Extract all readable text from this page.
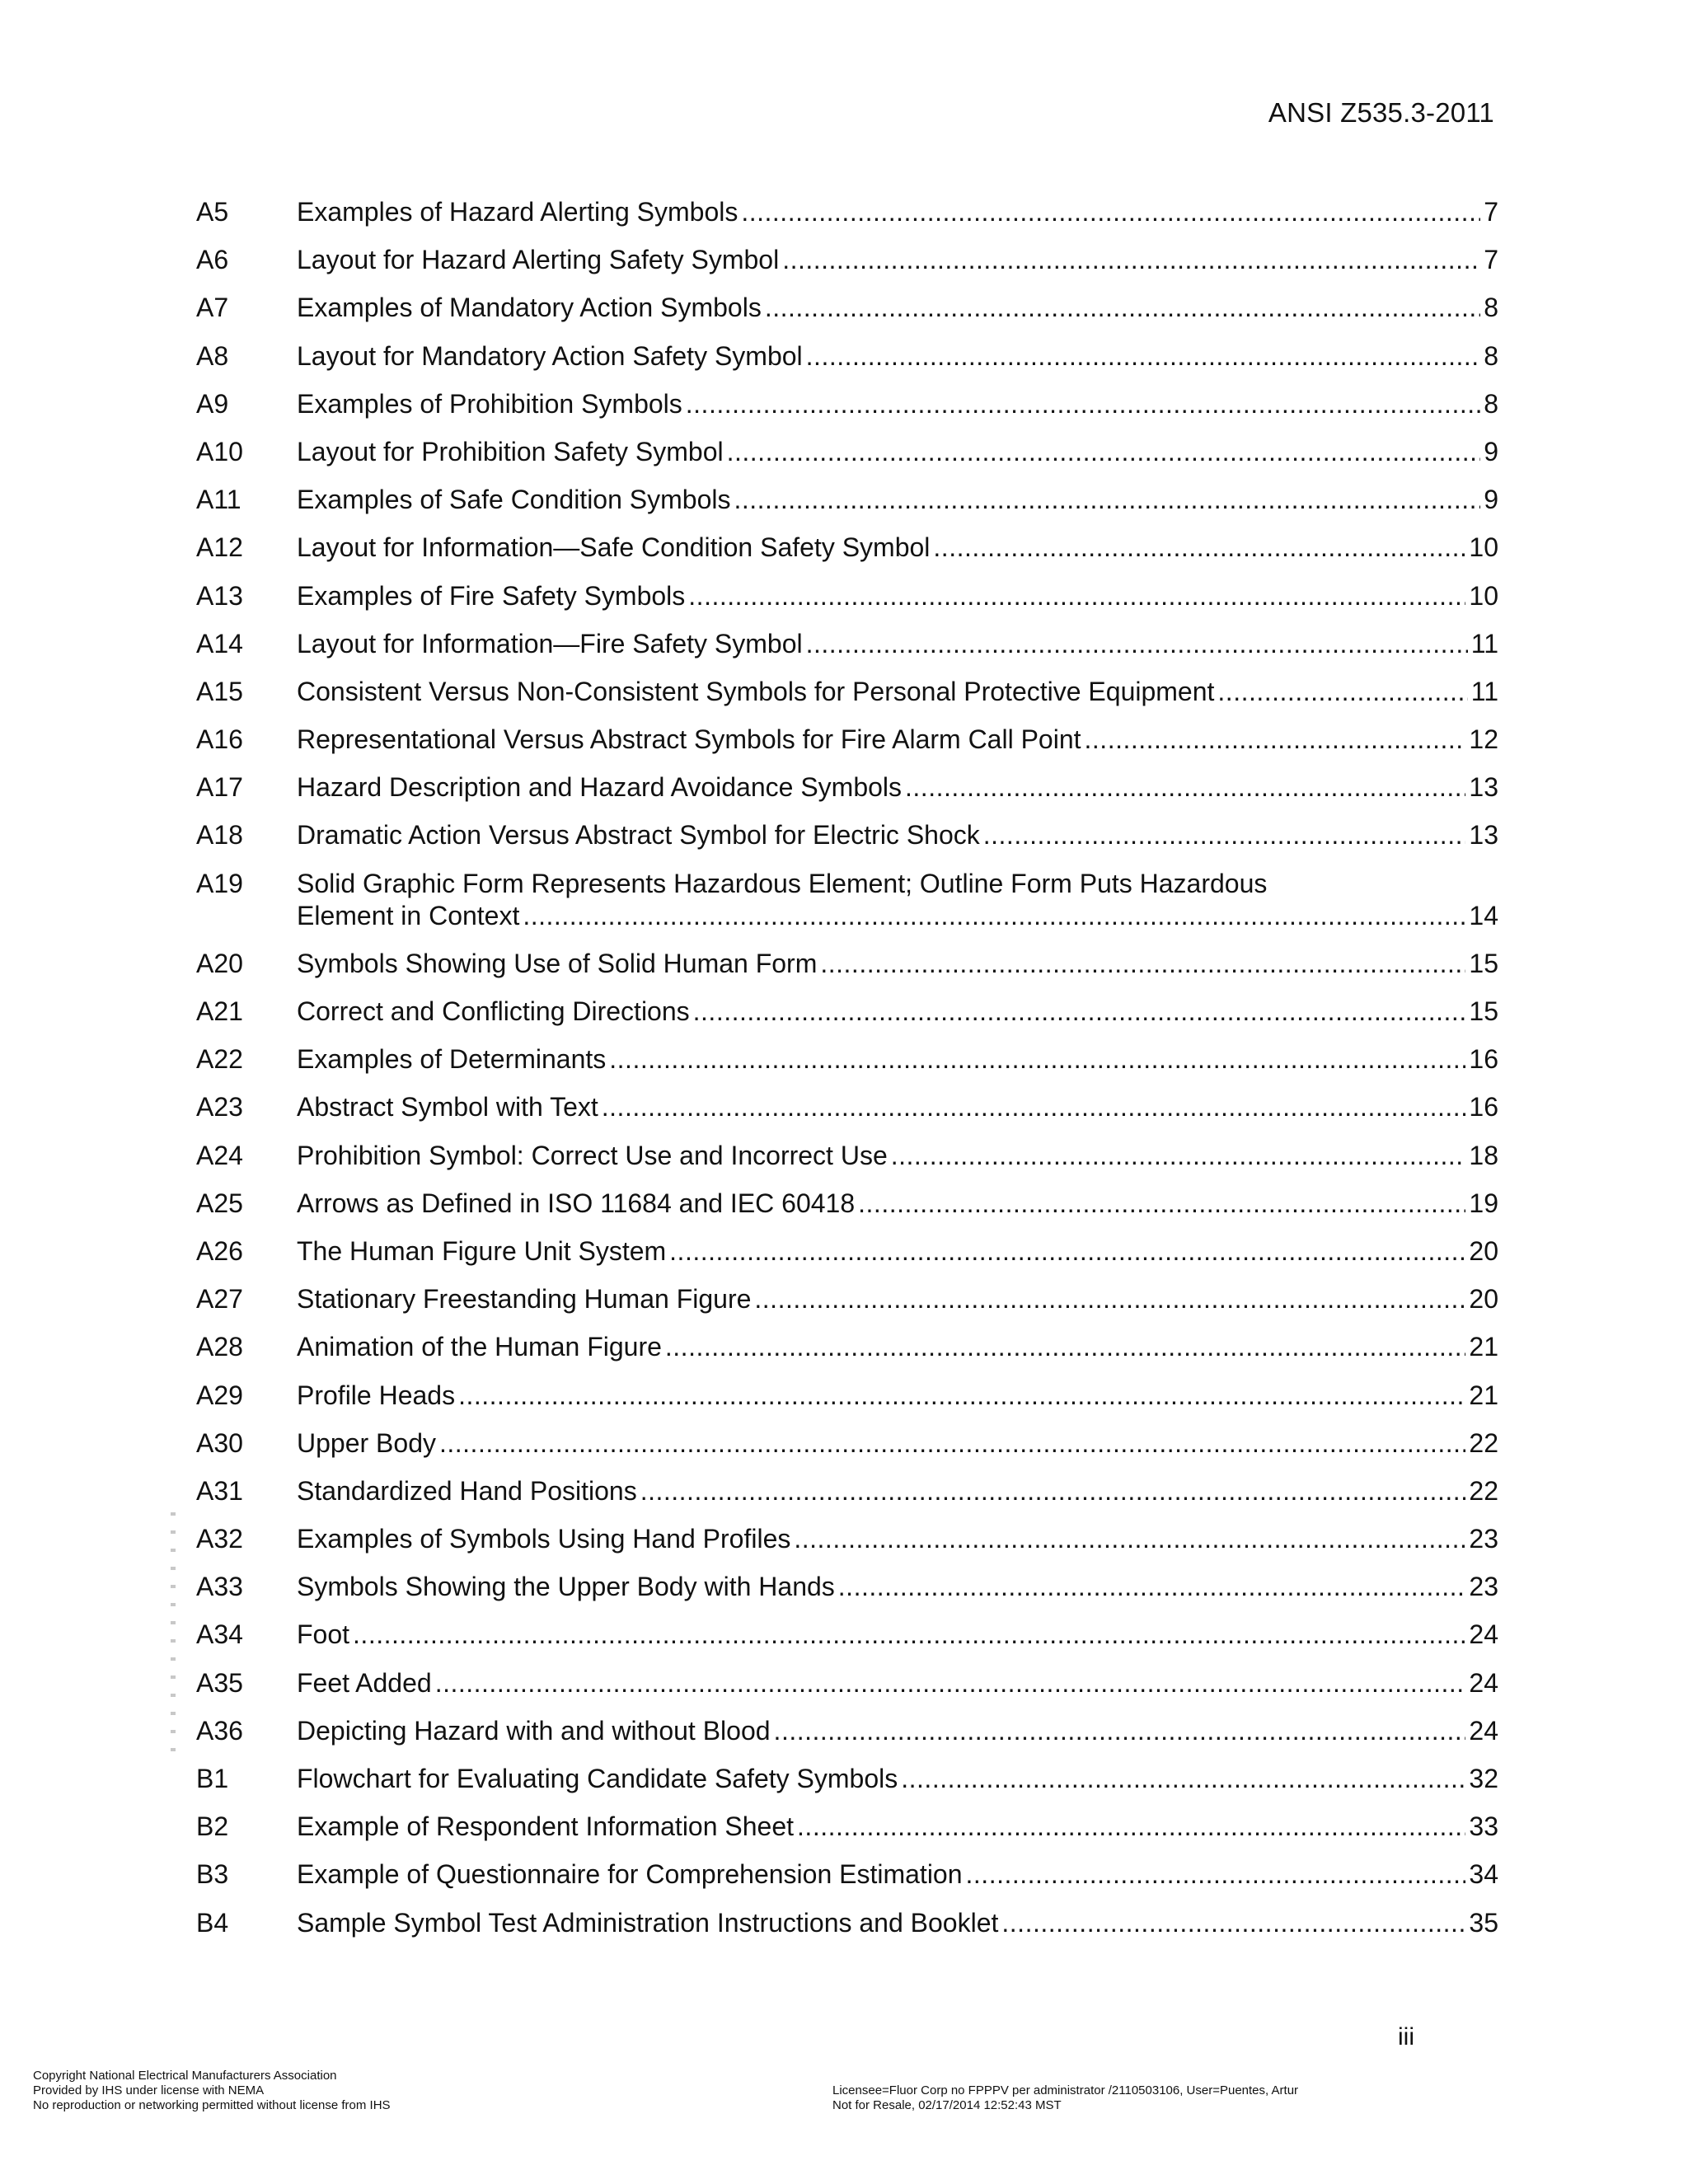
ANSI Z535.3-2011
A5	Examples of Hazard Alerting Symbols .....	7
A6	Layout for Hazard Alerting Safety Symbol .....	7
A7	Examples of Mandatory Action Symbols .....	8
A8	Layout for Mandatory Action Safety Symbol .....	8
A9	Examples of Prohibition Symbols .....	8
A10	Layout for Prohibition Safety Symbol .....	9
A11	Examples of Safe Condition Symbols .....	9
A12	Layout for Information—Safe Condition Safety Symbol .....	10
A13	Examples of Fire Safety Symbols .....	10
A14	Layout for Information—Fire Safety Symbol .....	11
A15	Consistent Versus Non-Consistent Symbols for Personal Protective Equipment .....	11
A16	Representational Versus Abstract Symbols for Fire Alarm Call Point .....	12
A17	Hazard Description and Hazard Avoidance Symbols .....	13
A18	Dramatic Action Versus Abstract Symbol for Electric Shock .....	13
A19	Solid Graphic Form Represents Hazardous Element; Outline Form Puts Hazardous
Element in Context .....	14
A20	Symbols Showing Use of Solid Human Form .....	15
A21	Correct and Conflicting Directions .....	15
A22	Examples of Determinants .....	16
A23	Abstract Symbol with Text .....	16
A24	Prohibition Symbol: Correct Use and Incorrect Use .....	18
A25	Arrows as Defined in ISO 11684 and IEC 60418 .....	19
A26	The Human Figure Unit System .....	20
A27	Stationary Freestanding Human Figure .....	20
A28	Animation of the Human Figure .....	21
A29	Profile Heads .....	21
A30	Upper Body .....	22
A31	Standardized Hand Positions .....	22
A32	Examples of Symbols Using Hand Profiles .....	23
A33	Symbols Showing the Upper Body with Hands .....	23
A34	Foot .....	24
A35	Feet Added .....	24
A36	Depicting Hazard with and without Blood .....	24
B1	Flowchart for Evaluating Candidate Safety Symbols .....	32
B2	Example of Respondent Information Sheet .....	33
B3	Example of Questionnaire for Comprehension Estimation .....	34
B4	Sample Symbol Test Administration Instructions and Booklet .....	35
iii
Copyright National Electrical Manufacturers Association
Provided by IHS under license with NEMA
No reproduction or networking permitted without license from IHS
Licensee=Fluor Corp no FPPPV per administrator /2110503106, User=Puentes, Artur
Not for Resale, 02/17/2014 12:52:43 MST
